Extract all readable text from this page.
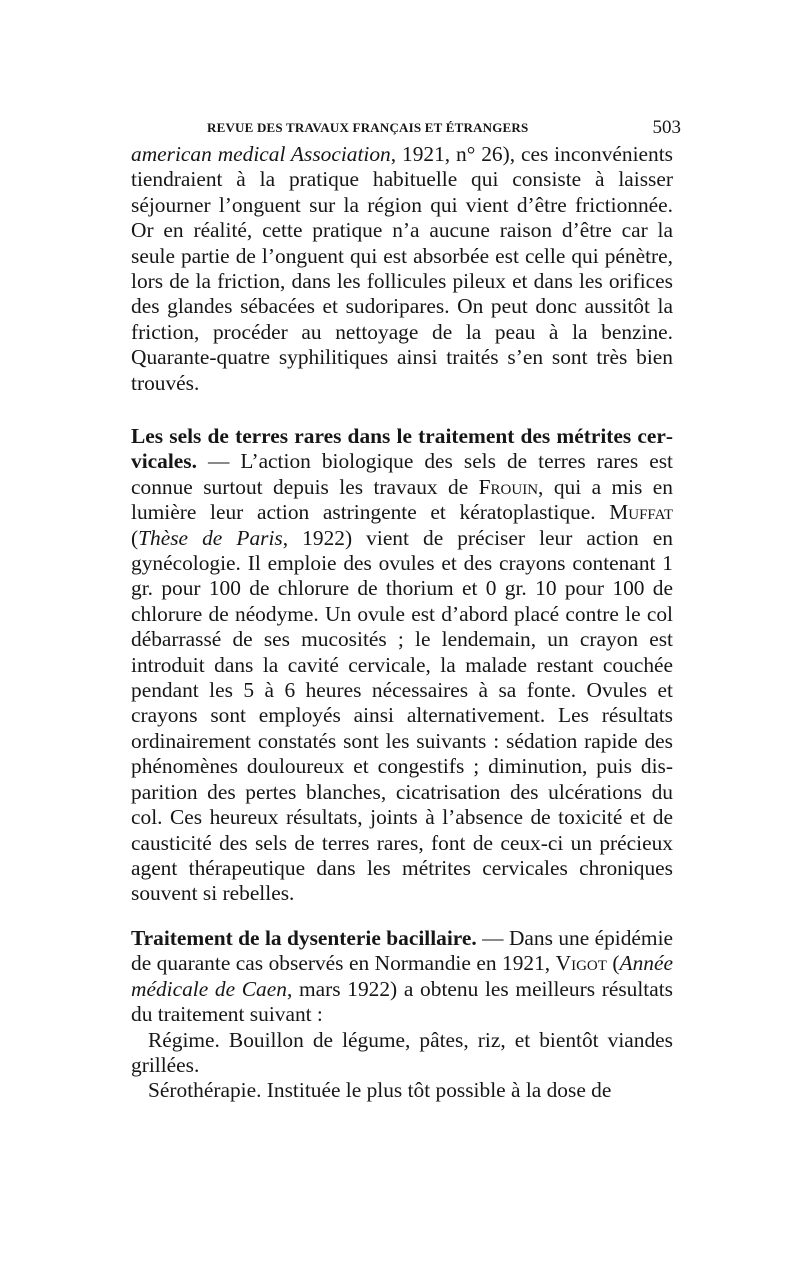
REVUE DES TRAVAUX FRANÇAIS ET ÉTRANGERS	503

american medical Association, 1921, n° 26), ces inconvénients tiendraient à la pratique habituelle qui consiste à laisser séjourner l’onguent sur la région qui vient d’être frictionnée. Or en réalité, cette pratique n’a aucune raison d’être car la seule partie de l’onguent qui est absorbée est celle qui pénètre, lors de la friction, dans les follicules pileux et dans les orifices des glandes sébacées et sudoripares. On peut donc aussitôt la friction, procéder au nettoyage de la peau à la benzine. Quarante-quatre syphilitiques ainsi traités s’en sont très bien trouvés.

Les sels de terres rares dans le traitement des métrites cervicales. — L’action biologique des sels de terres rares est connue surtout depuis les travaux de Frouin, qui a mis en lumière leur action astringente et kératoplastique. Muffat (Thèse de Paris, 1922) vient de préciser leur action en gynécologie. Il emploie des ovules et des crayons contenant 1 gr. pour 100 de chlorure de thorium et 0 gr. 10 pour 100 de chlorure de néodyme. Un ovule est d’abord placé contre le col débarrassé de ses mucosités ; le lendemain, un crayon est introduit dans la cavité cervicale, la malade restant couchée pendant les 5 à 6 heures nécessaires à sa fonte. Ovules et crayons sont employés ainsi alternativement. Les résultats ordinairement constatés sont les suivants : sédation rapide des phénomènes douloureux et congestifs ; diminution, puis disparition des pertes blanches, cicatrisation des ulcérations du col. Ces heureux résultats, joints à l’absence de toxicité et de causticité des sels de terres rares, font de ceux-ci un précieux agent thérapeutique dans les métrites cervicales chroniques souvent si rebelles.

Traitement de la dysenterie bacillaire. — Dans une épidémie de quarante cas observés en Normandie en 1921, Vigot (Année médicale de Caen, mars 1922) a obtenu les meilleurs résultats du traitement suivant :

Régime. Bouillon de légume, pâtes, riz, et bientôt viandes grillées.

Sérothérapie. Instituée le plus tôt possible à la dose de
